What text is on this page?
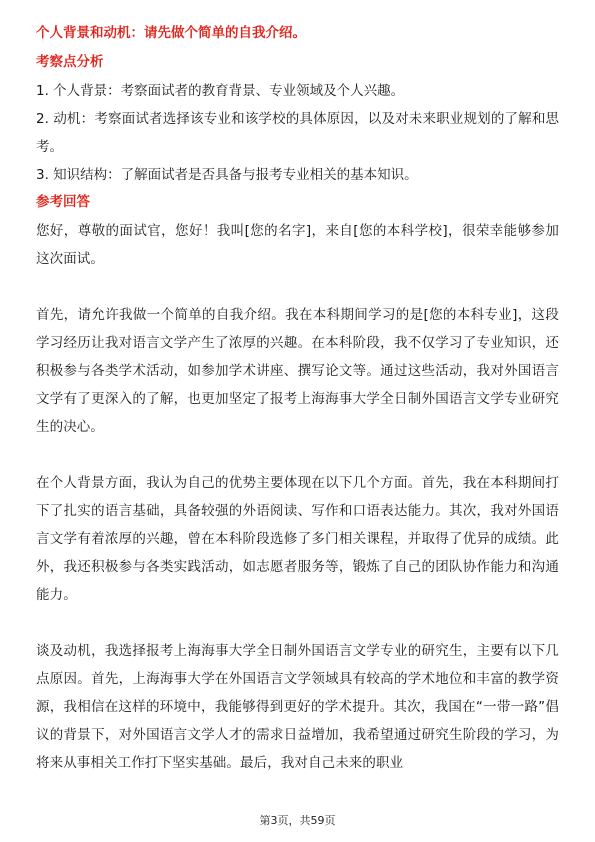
个人背景和动机：请先做个简单的自我介绍。

考察点分析

1. 个人背景：考察面试者的教育背景、专业领域及个人兴趣。

2. 动机：考察面试者选择该专业和该学校的具体原因，以及对未来职业规划的了解和思考。

3. 知识结构：了解面试者是否具备与报考专业相关的基本知识。

参考回答

您好，尊敬的面试官，您好！我叫[您的名字]，来自[您的本科学校]，很荣幸能够参加这次面试。

首先，请允许我做一个简单的自我介绍。我在本科期间学习的是[您的本科专业]，这段学习经历让我对语言文学产生了浓厚的兴趣。在本科阶段，我不仅学习了专业知识，还积极参与各类学术活动，如参加学术讲座、撰写论文等。通过这些活动，我对外国语言文学有了更深入的了解，也更加坚定了报考上海海事大学全日制外国语言文学专业研究生的决心。

在个人背景方面，我认为自己的优势主要体现在以下几个方面。首先，我在本科期间打下了扎实的语言基础，具备较强的外语阅读、写作和口语表达能力。其次，我对外国语言文学有着浓厚的兴趣，曾在本科阶段选修了多门相关课程，并取得了优异的成绩。此外，我还积极参与各类实践活动，如志愿者服务等，锻炼了自己的团队协作能力和沟通能力。

谈及动机，我选择报考上海海事大学全日制外国语言文学专业的研究生，主要有以下几点原因。首先，上海海事大学在外国语言文学领域具有较高的学术地位和丰富的教学资源，我相信在这样的环境中，我能够得到更好的学术提升。其次，我国在“一带一路”倡议的背景下，对外国语言文学人才的需求日益增加，我希望通过研究生阶段的学习，为将来从事相关工作打下坚实基础。最后，我对自己未来的职业

第3页，共59页
